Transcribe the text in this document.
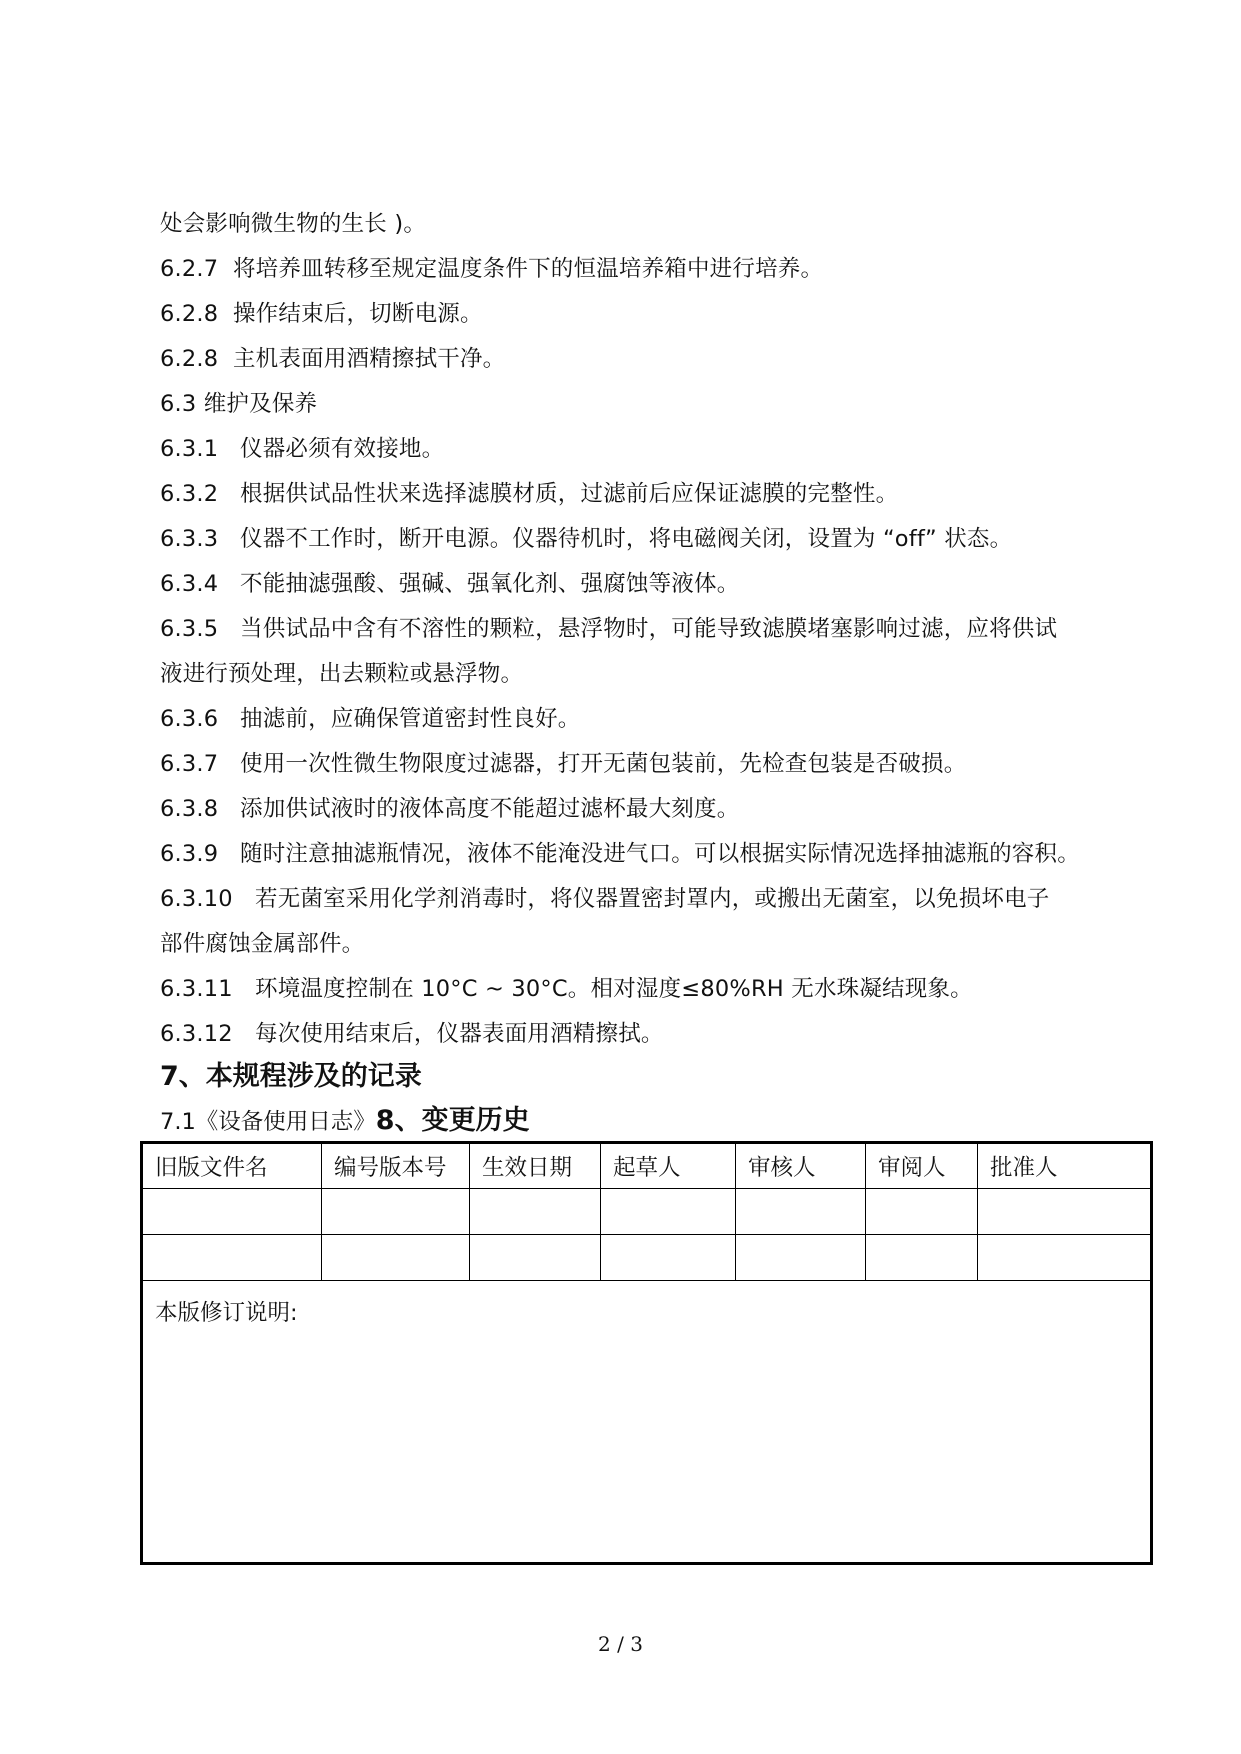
处会影响微生物的生长 )。
6.2.7 将培养皿转移至规定温度条件下的恒温培养箱中进行培养。
6.2.8 操作结束后，切断电源。
6.2.8 主机表面用酒精擦拭干净。
6.3 维护及保养
6.3.1 仪器必须有效接地。
6.3.2 根据供试品性状来选择滤膜材质，过滤前后应保证滤膜的完整性。
6.3.3 仪器不工作时，断开电源。仪器待机时，将电磁阀关闭，设置为 “off” 状态。
6.3.4 不能抽滤强酸、强碱、强氧化剂、强腐蚀等液体。
6.3.5 当供试品中含有不溶性的颗粒，悬浮物时，可能导致滤膜堵塞影响过滤，应将供试
液进行预处理，出去颗粒或悬浮物。
6.3.6 抽滤前，应确保管道密封性良好。
6.3.7 使用一次性微生物限度过滤器，打开无菌包装前，先检查包装是否破损。
6.3.8 添加供试液时的液体高度不能超过滤杯最大刻度。
6.3.9 随时注意抽滤瓶情况，液体不能淹没进气口。可以根据实际情况选择抽滤瓶的容积。
6.3.10 若无菌室采用化学剂消毒时，将仪器置密封罩内，或搬出无菌室，以免损坏电子
部件腐蚀金属部件。
6.3.11 环境温度控制在 10°C ~ 30°C。相对湿度≤80%RH 无水珠凝结现象。
6.3.12 每次使用结束后，仪器表面用酒精擦拭。
7、本规程涉及的记录
7.1《设备使用日志》8、变更历史
旧版文件名	编号版本号	生效日期	起草人	审核人	审阅人	批准人

本版修订说明:						
2 / 3
